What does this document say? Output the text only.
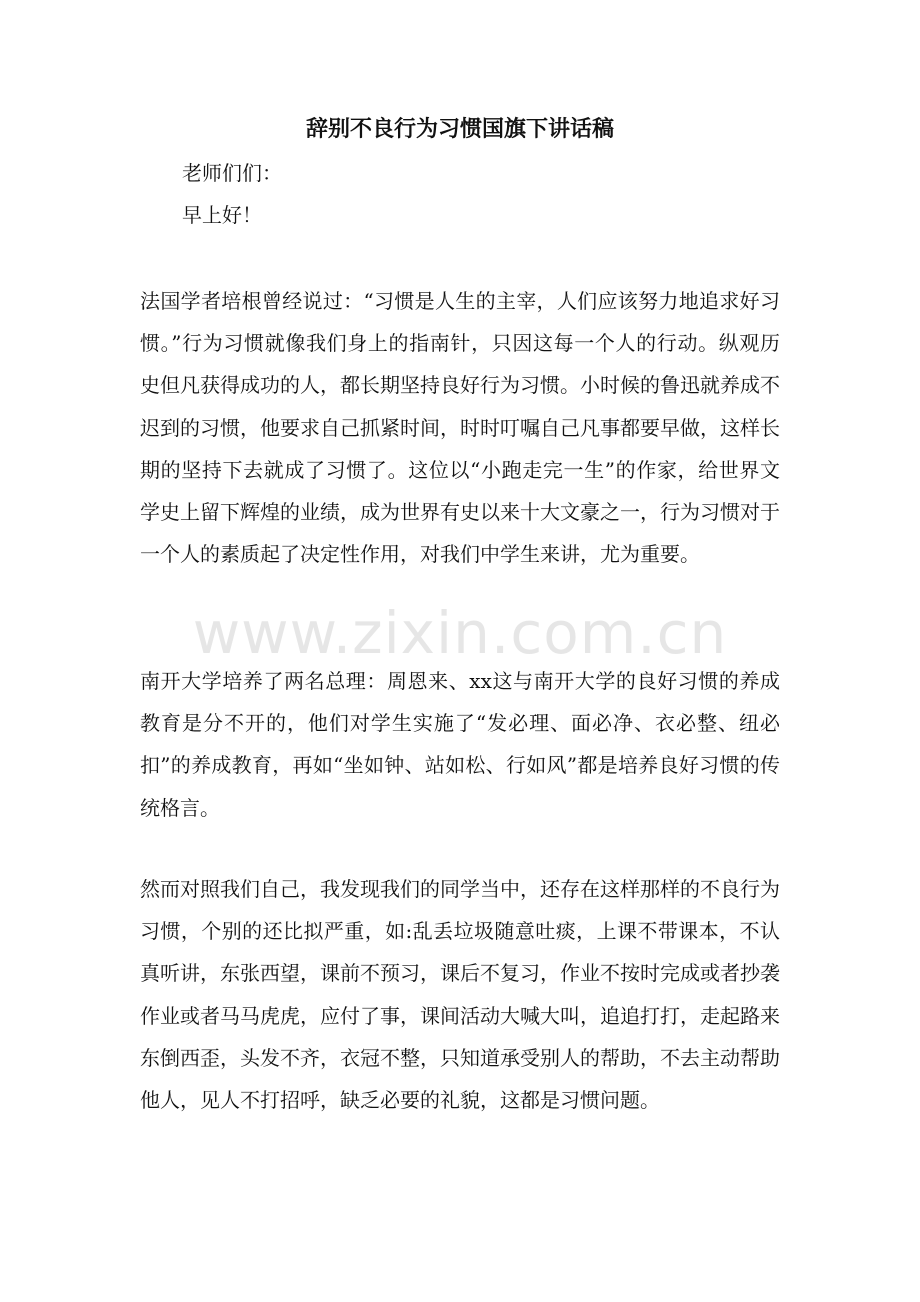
辞别不良行为习惯国旗下讲话稿

老师们们：

早上好！

法国学者培根曾经说过：“习惯是人生的主宰，人们应该努力地追求好习惯。”行为习惯就像我们身上的指南针，只因这每一个人的行动。纵观历史但凡获得成功的人，都长期坚持良好行为习惯。小时候的鲁迅就养成不迟到的习惯，他要求自己抓紧时间，时时叮嘱自己凡事都要早做，这样长期的坚持下去就成了习惯了。这位以“小跑走完一生”的作家，给世界文学史上留下辉煌的业绩，成为世界有史以来十大文豪之一，行为习惯对于一个人的素质起了决定性作用，对我们中学生来讲，尤为重要。

南开大学培养了两名总理：周恩来、xx这与南开大学的良好习惯的养成教育是分不开的，他们对学生实施了“发必理、面必净、衣必整、纽必扣”的养成教育，再如“坐如钟、站如松、行如风”都是培养良好习惯的传统格言。

然而对照我们自己，我发现我们的同学当中，还存在这样那样的不良行为习惯，个别的还比拟严重，如:乱丢垃圾随意吐痰，上课不带课本，不认真听讲，东张西望，课前不预习，课后不复习，作业不按时完成或者抄袭作业或者马马虎虎，应付了事，课间活动大喊大叫，追追打打，走起路来东倒西歪，头发不齐，衣冠不整，只知道承受别人的帮助，不去主动帮助他人，见人不打招呼，缺乏必要的礼貌，这都是习惯问题。

www.zixin.com.cn
